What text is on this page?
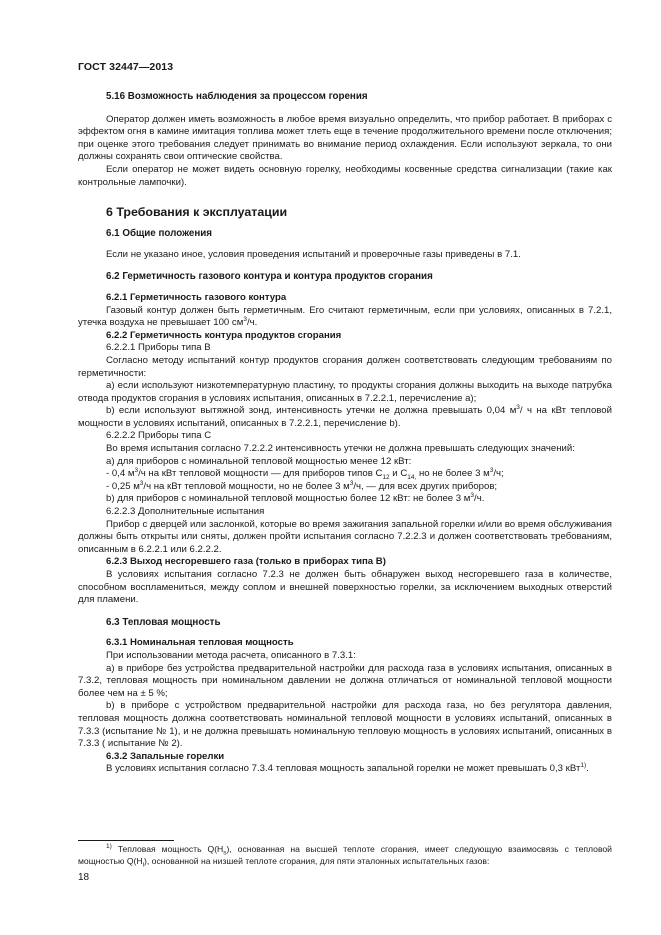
ГОСТ 32447—2013

5.16 Возможность наблюдения за процессом горения

Оператор должен иметь возможность в любое время визуально определить, что прибор работает. В приборах с эффектом огня в камине имитация топлива может тлеть еще в течение продолжительного времени после отключения; при оценке этого требования следует принимать во внимание период охлаждения. Если используют зеркала, то они должны сохранять свои оптические свойства.

Если оператор не может видеть основную горелку, необходимы косвенные средства сигнализации (такие как контрольные лампочки).

6 Требования к эксплуатации

6.1 Общие положения

Если не указано иное, условия проведения испытаний и проверочные газы приведены в 7.1.

6.2 Герметичность газового контура и контура продуктов сгорания

6.2.1 Герметичность газового контура

Газовый контур должен быть герметичным. Его считают герметичным, если при условиях, описанных в 7.2.1, утечка воздуха не превышает 100 $см^3/ч$.

6.2.2 Герметичность контура продуктов сгорания

6.2.2.1 Приборы типа В

Согласно методу испытаний контур продуктов сгорания должен соответствовать следующим требованиям по герметичности:

а) если используют низкотемпературную пластину, то продукты сгорания должны выходить на выходе патрубка отвода продуктов сгорания в условиях испытания, описанных в 7.2.2.1, перечисление a);

b) если используют вытяжной зонд, интенсивность утечки не должна превышать 0,04 $м^3/$ ч на кВт тепловой мощности в условиях испытаний, описанных в 7.2.2.1, перечисление b).

6.2.2.2 Приборы типа С

Во время испытания согласно 7.2.2.2 интенсивность утечки не должна превышать следующих значений:

а) для приборов с номинальной тепловой мощностью менее 12 кВт:

- 0,4 $м^3/ч$ на кВт тепловой мощности — для приборов типов $С_{12}$ и $С_{14,}$ но не более 3 $м^3/ч$;

- 0,25 $м^3/ч$ на кВт тепловой мощности, но не более 3 $м^3/ч$, — для всех других приборов;

b) для приборов с номинальной тепловой мощностью более 12 кВт: не более 3 $м^3/ч$.

6.2.2.3 Дополнительные испытания

Прибор с дверцей или заслонкой, которые во время зажигания запальной горелки и/или во время обслуживания должны быть открыты или сняты, должен пройти испытания согласно 7.2.2.3 и должен соответствовать требованиям, описанным в 6.2.2.1 или 6.2.2.2.

6.2.3 Выход несгоревшего газа (только в приборах типа В)

В условиях испытания согласно 7.2.3 не должен быть обнаружен выход несгоревшего газа в количестве, способном воспламениться, между соплом и внешней поверхностью горелки, за исключением выходных отверстий для пламени.

6.3 Тепловая мощность

6.3.1 Номинальная тепловая мощность

При использовании метода расчета, описанного в 7.3.1:

а) в приборе без устройства предварительной настройки для расхода газа в условиях испытания, описанных в 7.3.2, тепловая мощность при номинальном давлении не должна отличаться от номинальной тепловой мощности более чем на ± 5 %;

b) в приборе с устройством предварительной настройки для расхода газа, но без регулятора давления, тепловая мощность должна соответствовать номинальной тепловой мощности в условиях испытаний, описанных в 7.3.3 (испытание № 1), и не должна превышать номинальную тепловую мощность в условиях испытаний, описанных в 7.3.3 ( испытание № 2).

6.3.2 Запальные горелки

В условиях испытания согласно 7.3.4 тепловая мощность запальной горелки не может превышать 0,3 кВт$^{1)}$.

$^{1)}$ Тепловая мощность $Q(H_s)$, основанная на высшей теплоте сгорания, имеет следующую взаимосвязь с тепловой мощностью $Q(H_i)$, основанной на низшей теплоте сгорания, для пяти эталонных испытательных газов:
18
